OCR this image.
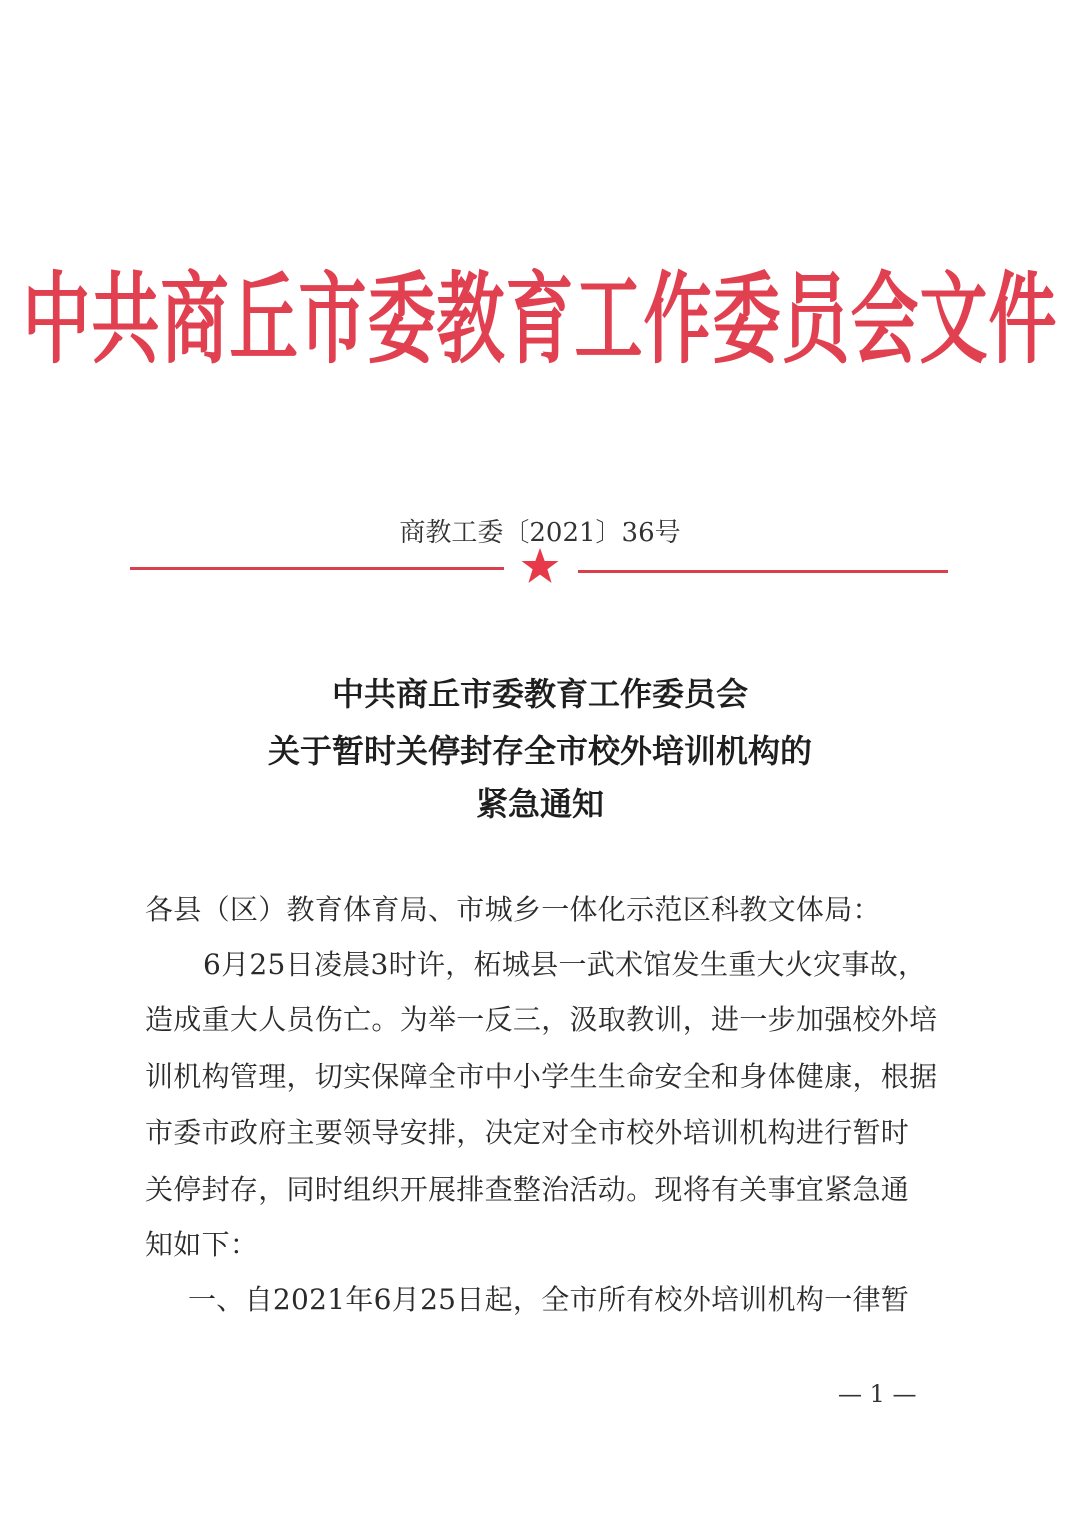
中共商丘市委教育工作委员会文件
商教工委〔2021〕36号
中共商丘市委教育工作委员会
关于暂时关停封存全市校外培训机构的
紧急通知
各县（区）教育体育局、市城乡一体化示范区科教文体局：
6月25日凌晨3时许，柘城县一武术馆发生重大火灾事故，
造成重大人员伤亡。为举一反三，汲取教训，进一步加强校外培
训机构管理，切实保障全市中小学生生命安全和身体健康，根据
市委市政府主要领导安排，决定对全市校外培训机构进行暂时
关停封存，同时组织开展排查整治活动。现将有关事宜紧急通
知如下：
一、自2021年6月25日起，全市所有校外培训机构一律暂
— 1 —
